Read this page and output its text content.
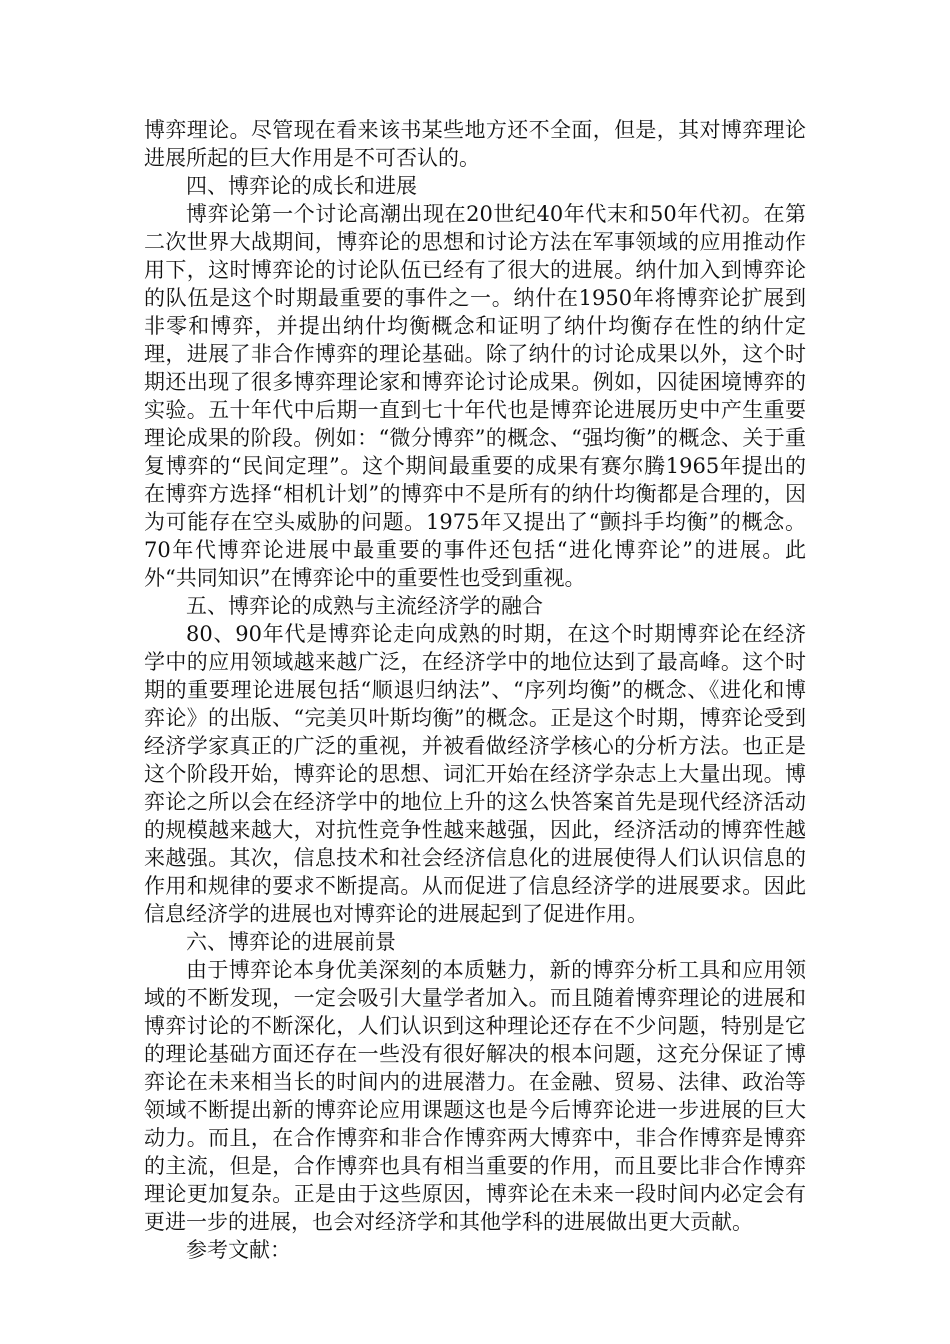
博弈理论。尽管现在看来该书某些地方还不全面，但是，其对博弈理论进展所起的巨大作用是不可否认的。

四、博弈论的成长和进展

博弈论第一个讨论高潮出现在20世纪40年代末和50年代初。在第二次世界大战期间，博弈论的思想和讨论方法在军事领域的应用推动作用下，这时博弈论的讨论队伍已经有了很大的进展。纳什加入到博弈论的队伍是这个时期最重要的事件之一。纳什在1950年将博弈论扩展到非零和博弈，并提出纳什均衡概念和证明了纳什均衡存在性的纳什定理，进展了非合作博弈的理论基础。除了纳什的讨论成果以外，这个时期还出现了很多博弈理论家和博弈论讨论成果。例如，囚徒困境博弈的实验。五十年代中后期一直到七十年代也是博弈论进展历史中产生重要理论成果的阶段。例如：“微分博弈”的概念、“强均衡”的概念、关于重复博弈的“民间定理”。这个期间最重要的成果有赛尔腾1965年提出的在博弈方选择“相机计划”的博弈中不是所有的纳什均衡都是合理的，因为可能存在空头威胁的问题。1975年又提出了“颤抖手均衡”的概念。70年代博弈论进展中最重要的事件还包括“进化博弈论”的进展。此外“共同知识”在博弈论中的重要性也受到重视。

五、博弈论的成熟与主流经济学的融合

80、90年代是博弈论走向成熟的时期，在这个时期博弈论在经济学中的应用领域越来越广泛，在经济学中的地位达到了最高峰。这个时期的重要理论进展包括“顺退归纳法”、“序列均衡”的概念、《进化和博弈论》的出版、“完美贝叶斯均衡”的概念。正是这个时期，博弈论受到经济学家真正的广泛的重视，并被看做经济学核心的分析方法。也正是这个阶段开始，博弈论的思想、词汇开始在经济学杂志上大量出现。博弈论之所以会在经济学中的地位上升的这么快答案首先是现代经济活动的规模越来越大，对抗性竞争性越来越强，因此，经济活动的博弈性越来越强。其次，信息技术和社会经济信息化的进展使得人们认识信息的作用和规律的要求不断提高。从而促进了信息经济学的进展要求。因此信息经济学的进展也对博弈论的进展起到了促进作用。

六、博弈论的进展前景

由于博弈论本身优美深刻的本质魅力，新的博弈分析工具和应用领域的不断发现，一定会吸引大量学者加入。而且随着博弈理论的进展和博弈讨论的不断深化，人们认识到这种理论还存在不少问题，特别是它的理论基础方面还存在一些没有很好解决的根本问题，这充分保证了博弈论在未来相当长的时间内的进展潜力。在金融、贸易、法律、政治等领域不断提出新的博弈论应用课题这也是今后博弈论进一步进展的巨大动力。而且，在合作博弈和非合作博弈两大博弈中，非合作博弈是博弈的主流，但是，合作博弈也具有相当重要的作用，而且要比非合作博弈理论更加复杂。正是由于这些原因，博弈论在未来一段时间内必定会有更进一步的进展，也会对经济学和其他学科的进展做出更大贡献。

参考文献：
